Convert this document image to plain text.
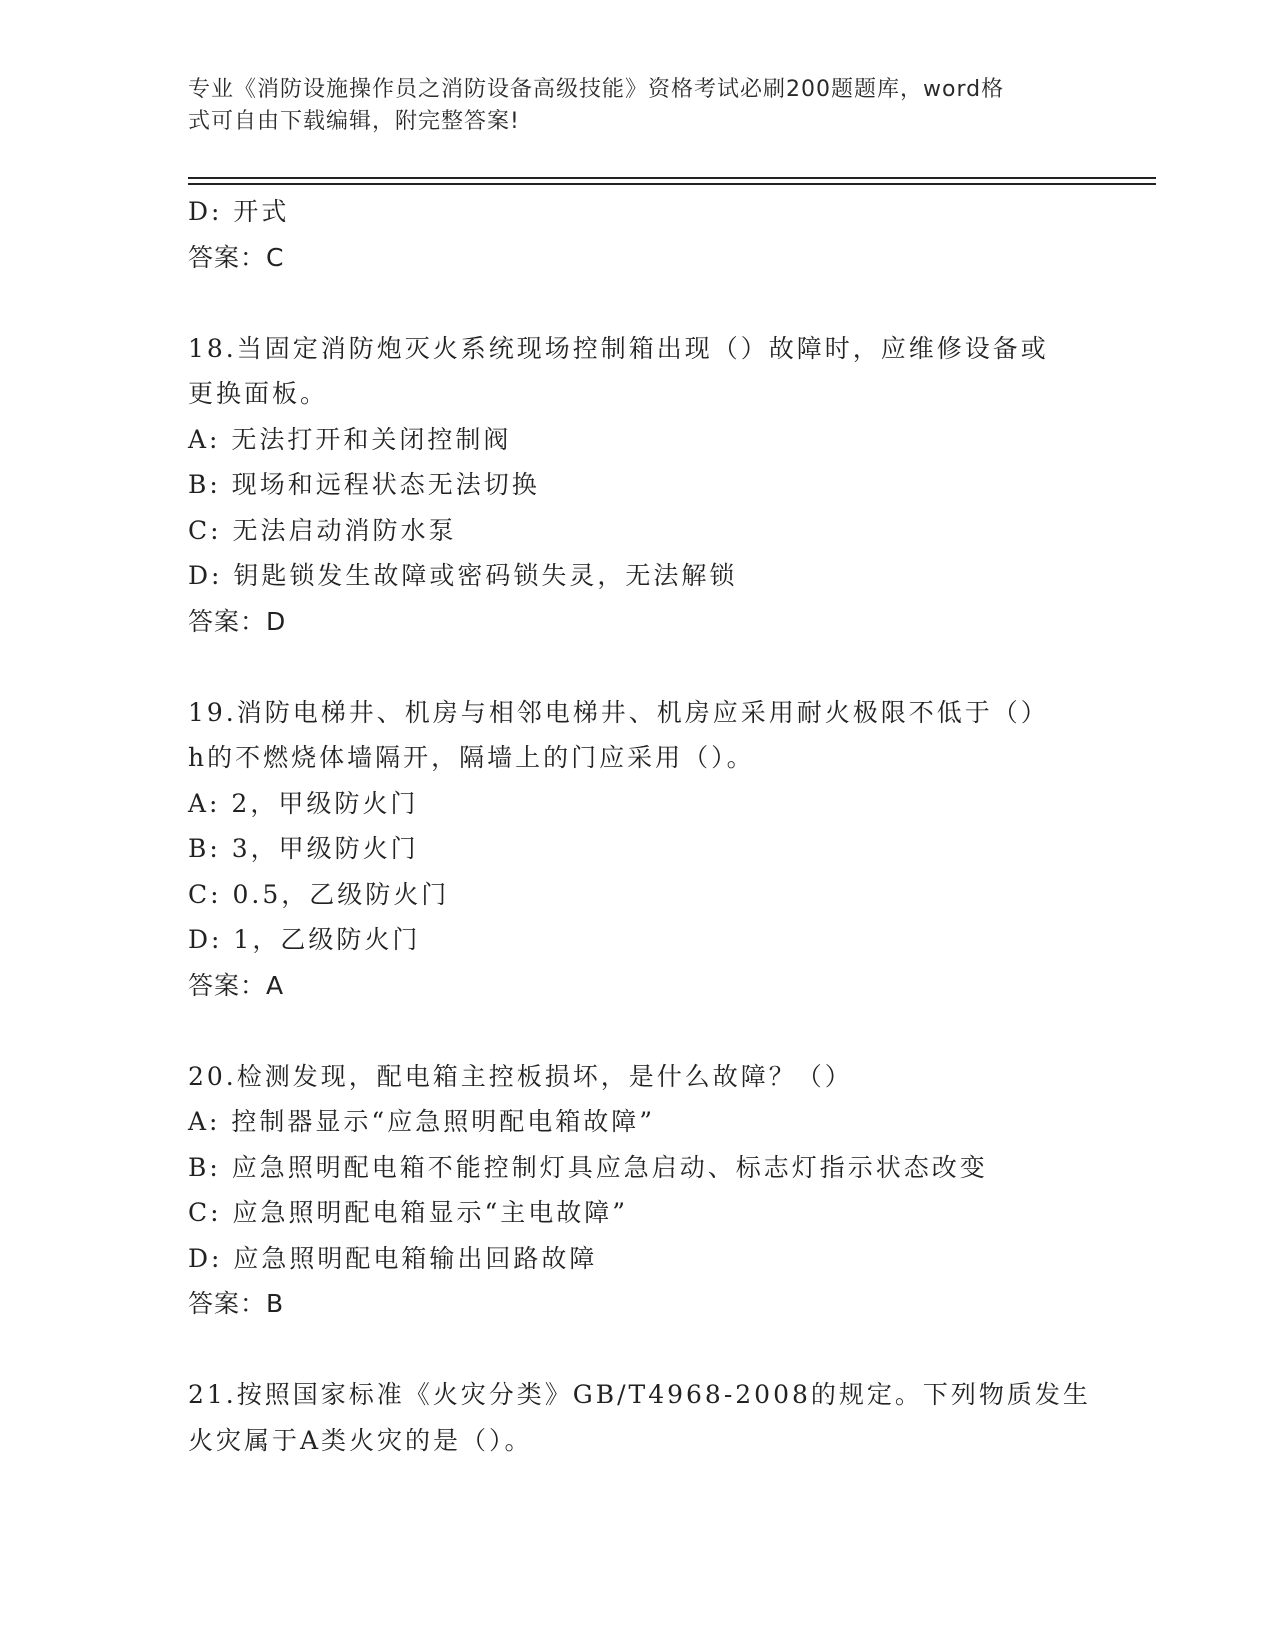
专业《消防设施操作员之消防设备高级技能》资格考试必刷200题题库，word格
式可自由下载编辑，附完整答案!
D: 开式
答案：C
18.当固定消防炮灭火系统现场控制箱出现（）故障时，应维修设备或
更换面板。
A: 无法打开和关闭控制阀
B: 现场和远程状态无法切换
C: 无法启动消防水泵
D: 钥匙锁发生故障或密码锁失灵，无法解锁
答案：D
19.消防电梯井、机房与相邻电梯井、机房应采用耐火极限不低于（）
h的不燃烧体墙隔开，隔墙上的门应采用（）。
A: 2，甲级防火门
B: 3，甲级防火门
C: 0.5，乙级防火门
D: 1，乙级防火门
答案：A
20.检测发现，配电箱主控板损坏，是什么故障？（）
A: 控制器显示“应急照明配电箱故障”
B: 应急照明配电箱不能控制灯具应急启动、标志灯指示状态改变
C: 应急照明配电箱显示“主电故障”
D: 应急照明配电箱输出回路故障
答案：B
21.按照国家标准《火灾分类》GB/T4968-2008的规定。下列物质发生
火灾属于A类火灾的是（）。
